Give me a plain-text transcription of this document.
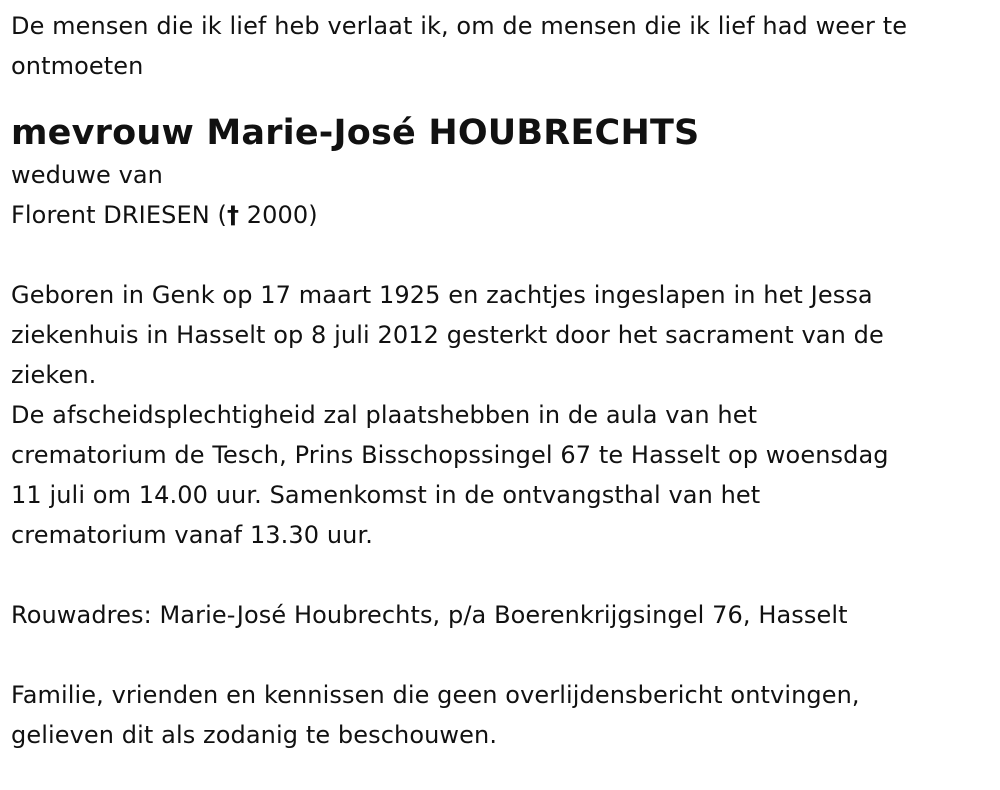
De mensen die ik lief heb verlaat ik, om de mensen die ik lief had weer te
ontmoeten
mevrouw Marie-José HOUBRECHTS
weduwe van
Florent DRIESEN († 2000)
Geboren in Genk op 17 maart 1925 en zachtjes ingeslapen in het Jessa
ziekenhuis in Hasselt op 8 juli 2012 gesterkt door het sacrament van de
zieken.
De afscheidsplechtigheid zal plaatshebben in de aula van het
crematorium de Tesch, Prins Bisschopssingel 67 te Hasselt op woensdag
11 juli om 14.00 uur. Samenkomst in de ontvangsthal van het
crematorium vanaf 13.30 uur.
Rouwadres: Marie-José Houbrechts, p/a Boerenkrijgsingel 76, Hasselt
Familie, vrienden en kennissen die geen overlijdensbericht ontvingen,
gelieven dit als zodanig te beschouwen.
